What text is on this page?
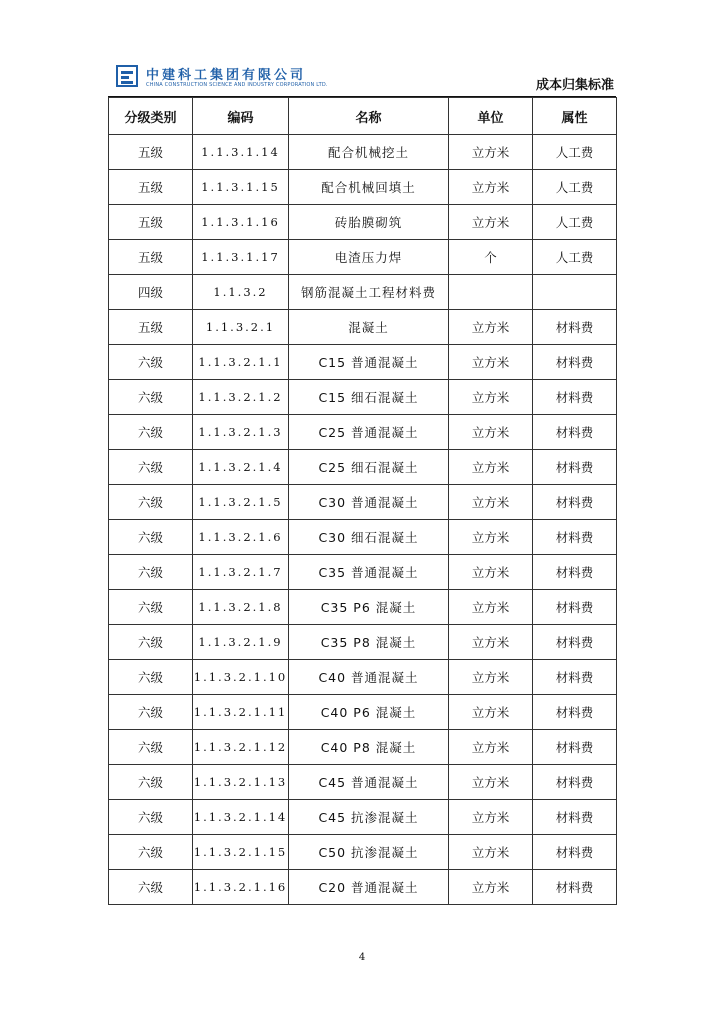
中建科工集团有限公司
CHINA CONSTRUCTION SCIENCE AND INDUSTRY CORPORATION LTD.	成本归集标准
分级类别	编码	名称	单位	属性
五级	1.1.3.1.14	配合机械挖土	立方米	人工费
五级	1.1.3.1.15	配合机械回填土	立方米	人工费
五级	1.1.3.1.16	砖胎膜砌筑	立方米	人工费
五级	1.1.3.1.17	电渣压力焊	个	人工费
四级	1.1.3.2	钢筋混凝土工程材料费		
五级	1.1.3.2.1	混凝土	立方米	材料费
六级	1.1.3.2.1.1	C15 普通混凝土	立方米	材料费
六级	1.1.3.2.1.2	C15 细石混凝土	立方米	材料费
六级	1.1.3.2.1.3	C25 普通混凝土	立方米	材料费
六级	1.1.3.2.1.4	C25 细石混凝土	立方米	材料费
六级	1.1.3.2.1.5	C30 普通混凝土	立方米	材料费
六级	1.1.3.2.1.6	C30 细石混凝土	立方米	材料费
六级	1.1.3.2.1.7	C35 普通混凝土	立方米	材料费
六级	1.1.3.2.1.8	C35 P6 混凝土	立方米	材料费
六级	1.1.3.2.1.9	C35 P8 混凝土	立方米	材料费
六级	1.1.3.2.1.10	C40 普通混凝土	立方米	材料费
六级	1.1.3.2.1.11	C40 P6 混凝土	立方米	材料费
六级	1.1.3.2.1.12	C40 P8 混凝土	立方米	材料费
六级	1.1.3.2.1.13	C45 普通混凝土	立方米	材料费
六级	1.1.3.2.1.14	C45 抗渗混凝土	立方米	材料费
六级	1.1.3.2.1.15	C50 抗渗混凝土	立方米	材料费
六级	1.1.3.2.1.16	C20 普通混凝土	立方米	材料费
4
